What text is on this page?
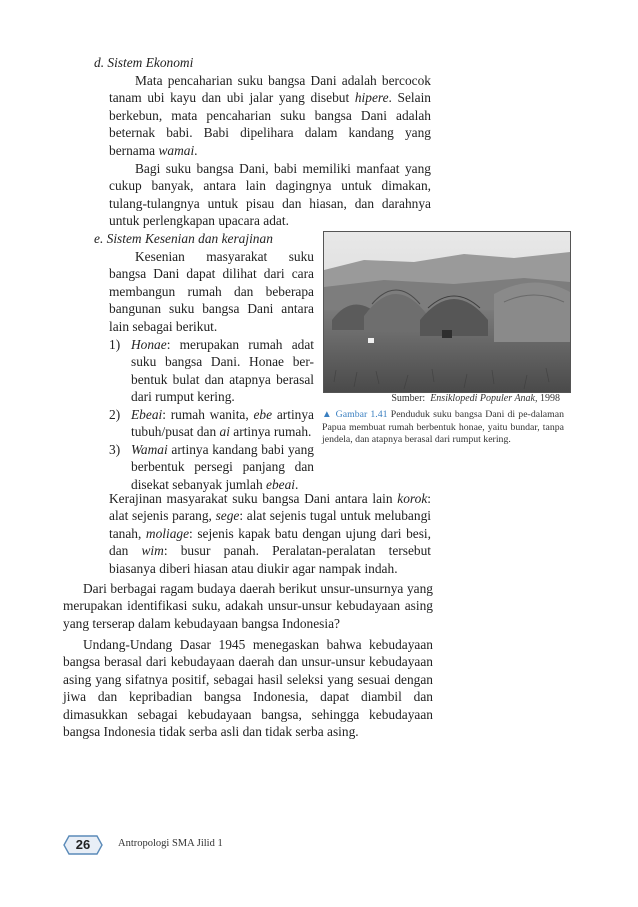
d. Sistem Ekonomi
Mata pencaharian suku bangsa Dani adalah bercocok tanam ubi kayu dan ubi jalar yang disebut hipere. Selain berkebun, mata pencaharian suku bangsa Dani adalah beternak babi. Babi dipelihara dalam kandang yang bernama wamai.
Bagi suku bangsa Dani, babi memiliki manfaat yang cukup banyak, antara lain dagingnya untuk dimakan, tulang-tulangnya untuk pisau dan hiasan, dan darahnya untuk perlengkapan upacara adat.
e. Sistem Kesenian dan kerajinan
Kesenian masyarakat suku bangsa Dani dapat dilihat dari cara membangun rumah dan beberapa bangunan suku bangsa Dani antara lain sebagai berikut.
1) Honae: merupakan rumah adat suku bangsa Dani. Honae ber-bentuk bulat dan atapnya berasal dari rumput kering.
2) Ebeai: rumah wanita, ebe artinya tubuh/pusat dan ai artinya rumah.
3) Wamai artinya kandang babi yang berbentuk persegi panjang dan disekat sebanyak jumlah ebeai.
Kerajinan masyarakat suku bangsa Dani antara lain korok: alat sejenis parang, sege: alat sejenis tugal untuk melubangi tanah, moliage: sejenis kapak batu dengan ujung dari besi, dan wim: busur panah. Peralatan-peralatan tersebut biasanya diberi hiasan atau diukir agar nampak indah.
Sumber: Ensiklopedi Populer Anak, 1998
▲ Gambar 1.41 Penduduk suku bangsa Dani di pe-dalaman Papua membuat rumah berbentuk honae, yaitu bundar, tanpa jendela, dan atapnya berasal dari rumput kering.
Dari berbagai ragam budaya daerah berikut unsur-unsurnya yang merupakan identifikasi suku, adakah unsur-unsur kebudayaan asing yang terserap dalam kebudayaan bangsa Indonesia?
Undang-Undang Dasar 1945 menegaskan bahwa kebudayaan bangsa berasal dari kebudayaan daerah dan unsur-unsur kebudayaan asing yang sifatnya positif, sebagai hasil seleksi yang sesuai dengan jiwa dan kepribadian bangsa Indonesia, dapat diambil dan dimasukkan sebagai kebudayaan bangsa, sehingga kebudayaan bangsa Indonesia tidak serba asli dan tidak serba asing.
26	Antropologi SMA Jilid 1
